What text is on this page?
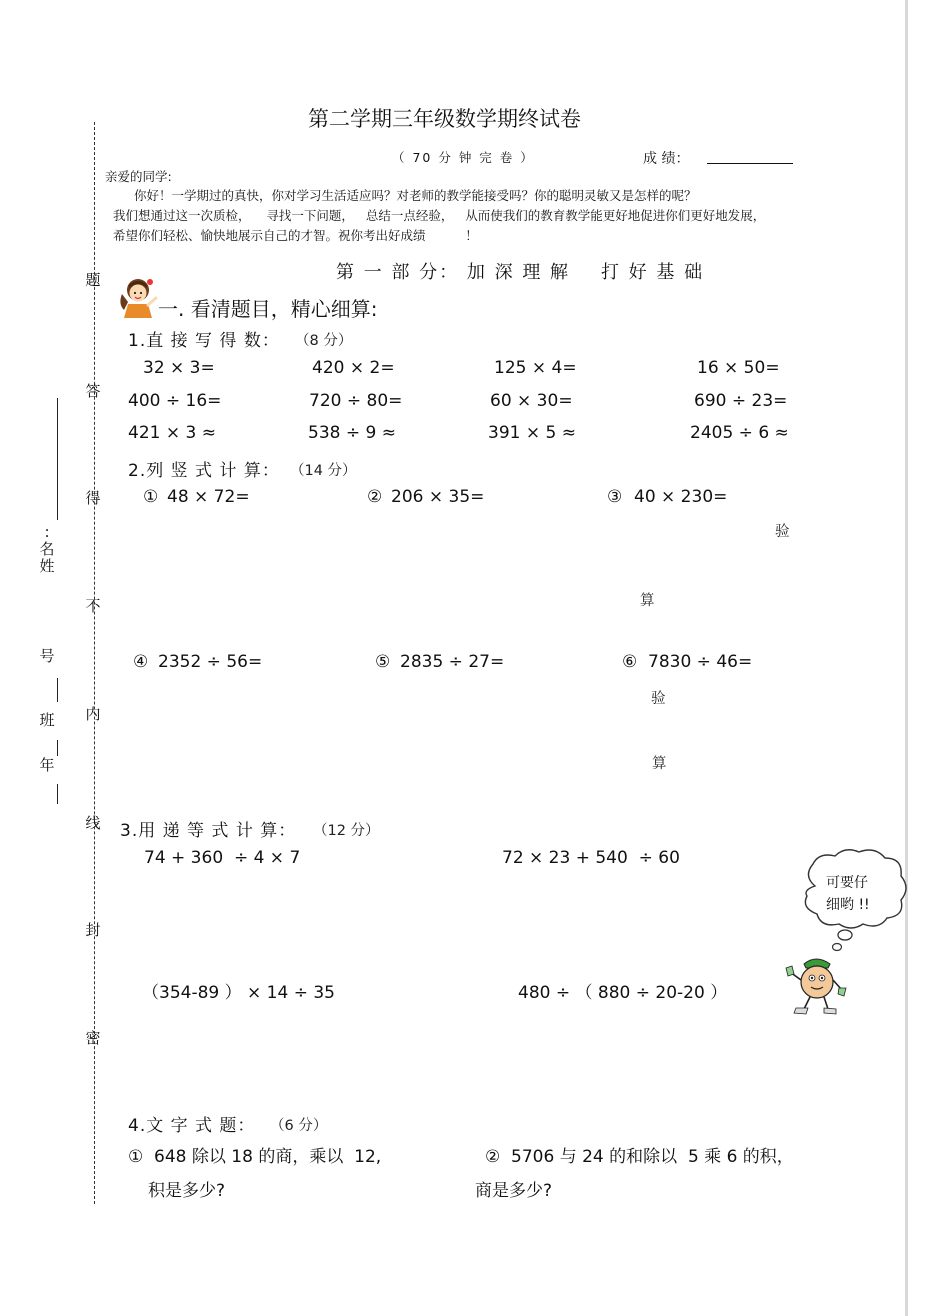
题
答
得
不
内
线
封
密
:名姓
号
班
年
第二学期三年级数学期终试卷
（ 70 分 钟 完 卷 ）	成 绩：
亲爱的同学:
你好！一学期过的真快，你对学习生活适应吗？对老师的教学能接受吗？你的聪明灵敏又是怎样的呢？
我们想通过这一次质检，    寻找一下问题，   总结一点经验，   从而使我们的教育教学能更好地促进你们更好地发展，
希望你们轻松、愉快地展示自己的才智。祝你考出好成绩          ！
第 一 部 分： 加 深 理 解    打 好 基 础
一. 看清题目，精心细算:
1.直 接 写 得 数： （8 分）
32 × 3=	420 × 2=	125 × 4=	16 × 50=
400 ÷ 16=	720 ÷ 80=	60 × 30=	690 ÷ 23=
421 × 3 ≈	538 ÷ 9 ≈	391 × 5 ≈	2405 ÷ 6 ≈
2.列 竖 式 计 算： （14 分）
① 48 × 72=	② 206 × 35=	③ 40 × 230=
验
算
④ 2352 ÷ 56=	⑤ 2835 ÷ 27=	⑥ 7830 ÷ 46=
验
算
3.用 递 等 式 计 算： （12 分）
74 + 360  ÷ 4 × 7	72 × 23 + 540  ÷ 60
（354-89 ） × 14 ÷ 35	480 ÷ （ 880 ÷ 20-20 ）
可要仔
细哟 !!
4.文 字 式 题： （6 分）
①  648 除以 18 的商，乘以  12,
积是多少?
②  5706 与 24 的和除以  5 乘 6 的积，
商是多少?
